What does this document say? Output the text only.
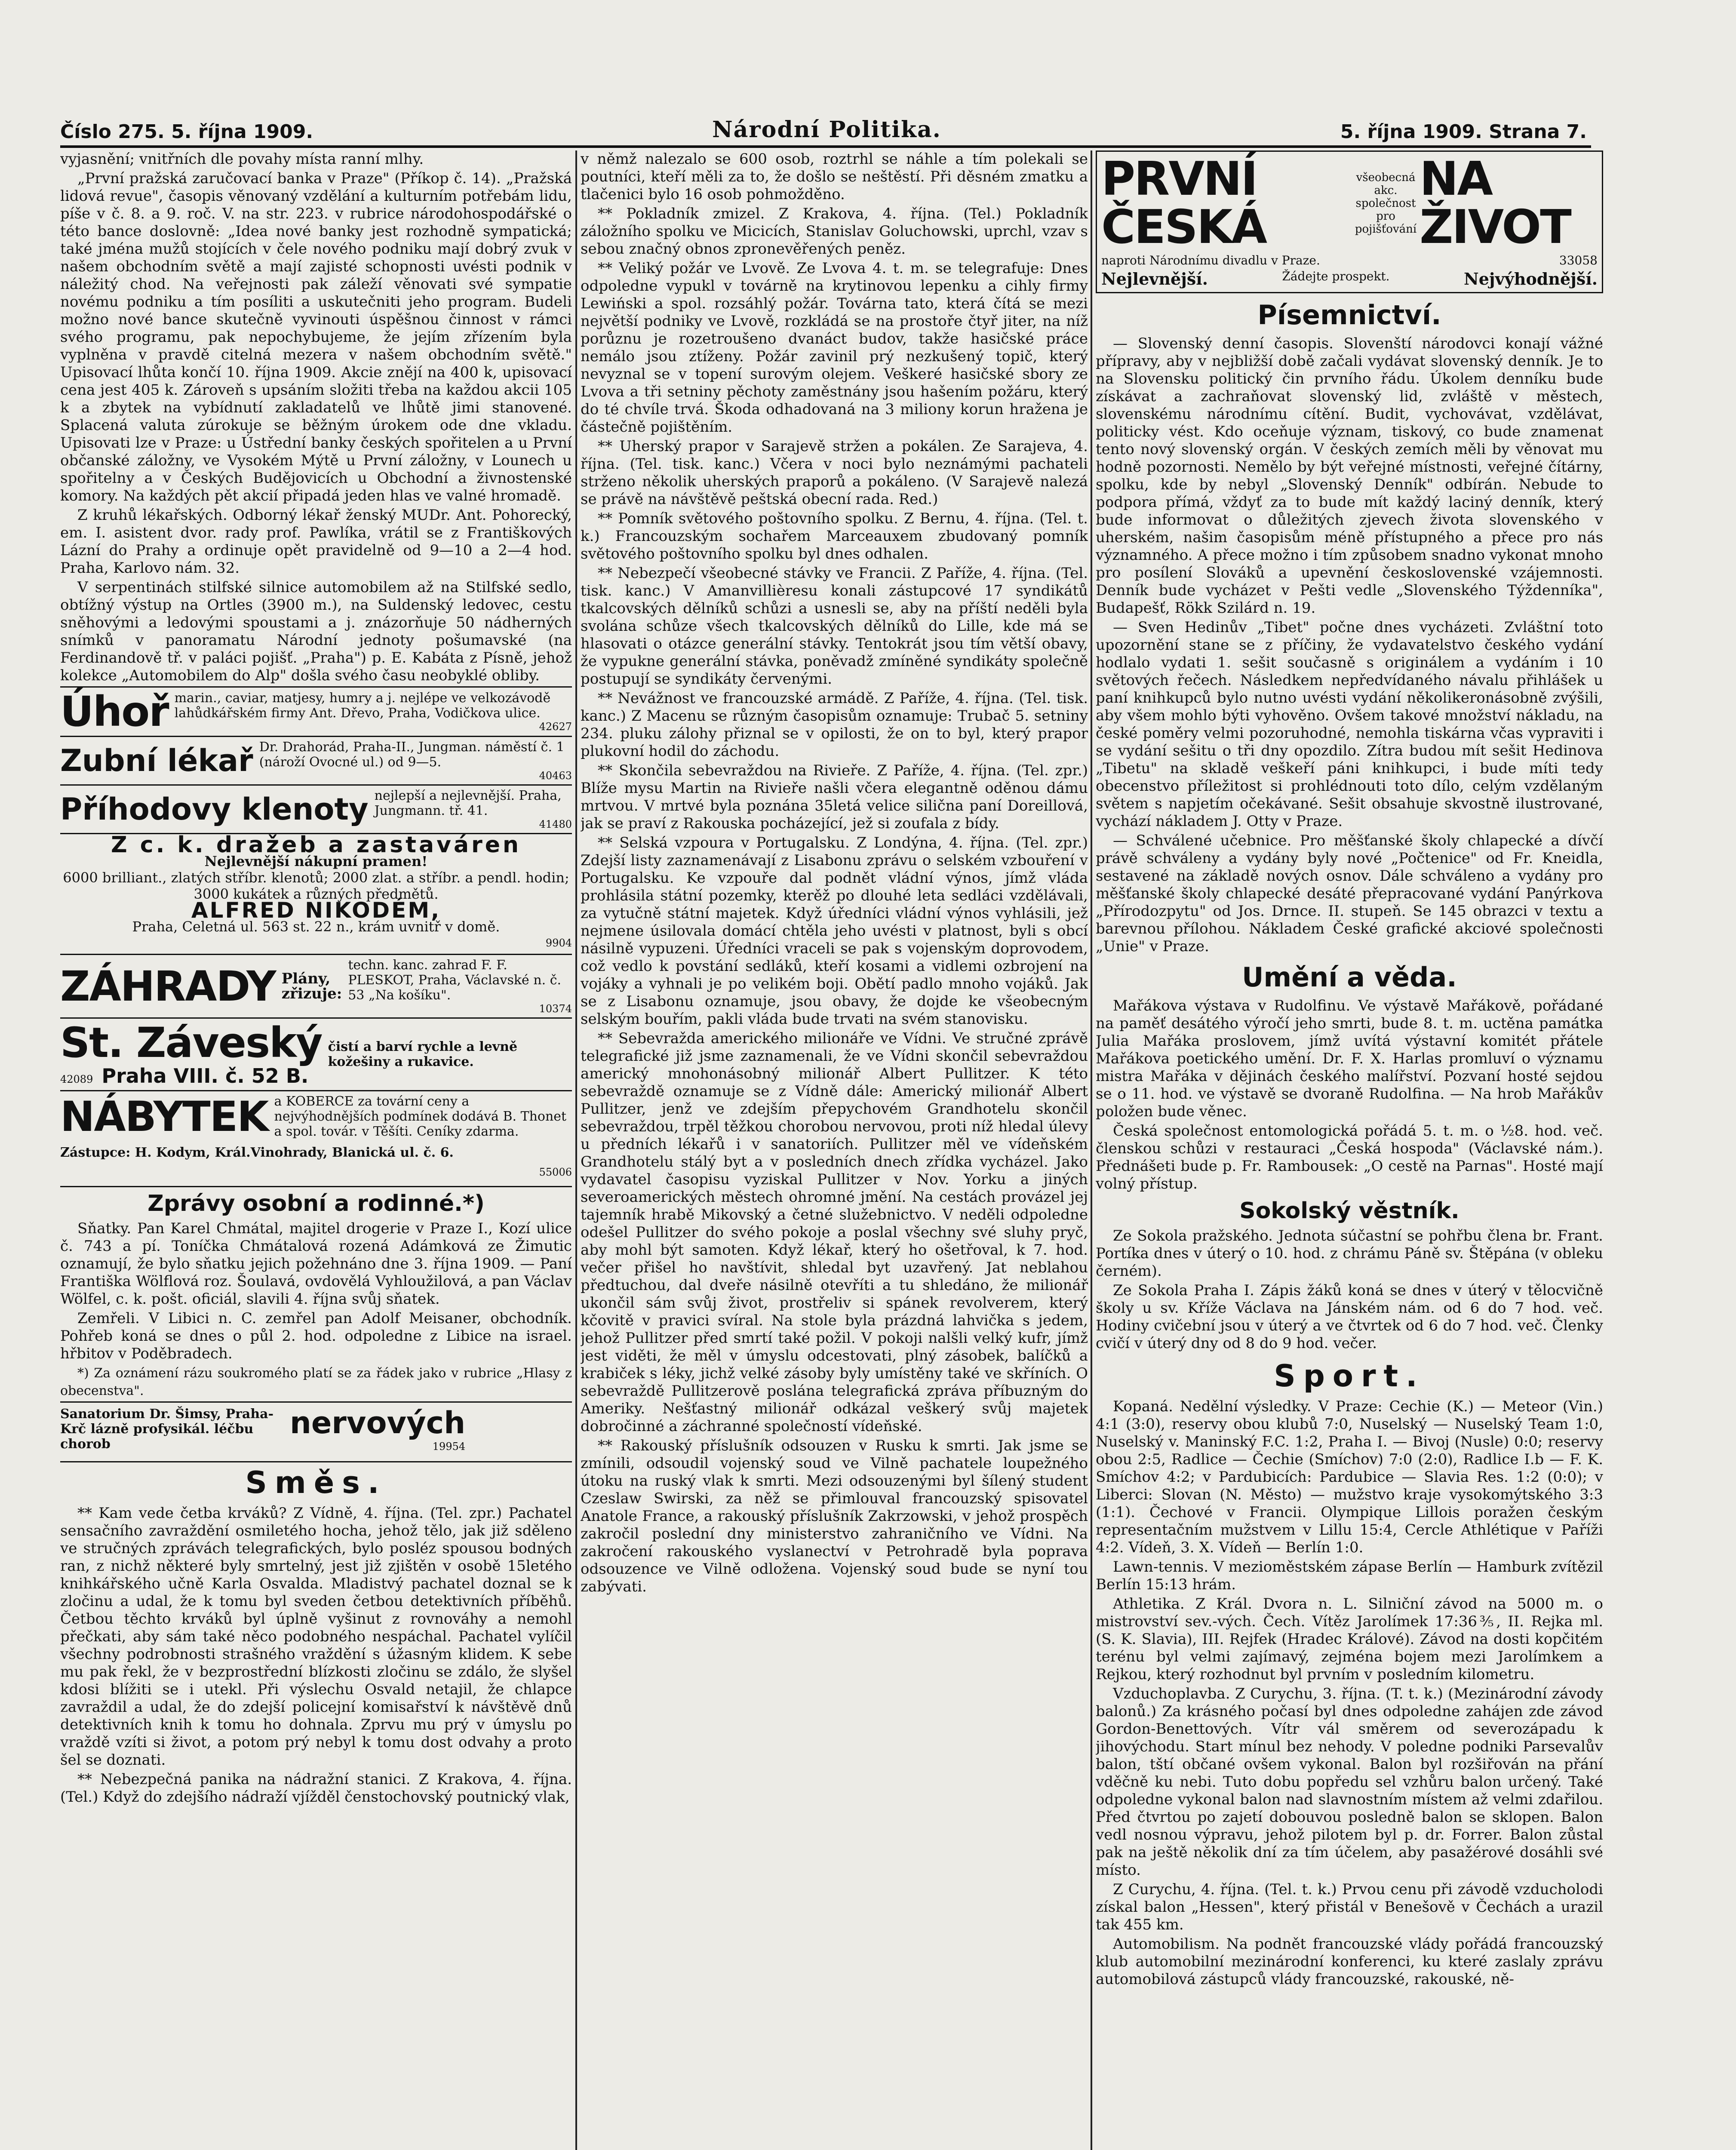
Číslo 275. 5. října 1909.	Národní Politika.	5. října 1909. Strana 7.

vyjasnění; vnitřních dle povahy místa ranní mlhy.

„První pražská zaručovací banka v Praze" (Příkop č. 14). „Pražská lidová revue", časopis věnovaný vzdělání a kulturním potřebám lidu, píše v č. 8. a 9. roč. V. na str. 223. v rubrice národohospodářské o této bance doslovně: „Idea nové banky jest rozhodně sympatická; také jména mužů stojících v čele nového podniku mají dobrý zvuk v našem obchodním světě a mají zajisté schopnosti uvésti podnik v náležitý chod. Na veřejnosti pak záleží věnovati své sympatie novému podniku a tím posíliti a uskutečniti jeho program. Budeli možno nové bance skutečně vyvinouti úspěšnou činnost v rámci svého programu, pak nepochybujeme, že jejím zřízením byla vyplněna v pravdě citelná mezera v našem obchodním světě." Upisovací lhůta končí 10. října 1909. Akcie znějí na 400 k, upisovací cena jest 405 k. Zároveň s upsáním složiti třeba na každou akcii 105 k a zbytek na vybídnutí zakladatelů ve lhůtě jimi stanovené. Splacená valuta zúrokuje se běžným úrokem ode dne vkladu. Upisovati lze v Praze: u Ústřední banky českých spořitelen a u První občanské záložny, ve Vysokém Mýtě u První záložny, v Lounech u spořitelny a v Českých Budějovicích u Obchodní a živnostenské komory. Na každých pět akcií připadá jeden hlas ve valné hromadě.

Z kruhů lékařských. Odborný lékař ženský MUDr. Ant. Pohorecký, em. I. asistent dvor. rady prof. Pawlíka, vrátil se z Františkových Lázní do Prahy a ordinuje opět pravidelně od 9—10 a 2—4 hod. Praha, Karlovo nám. 32.

V serpentinách stilfské silnice automobilem až na Stilfské sedlo, obtížný výstup na Ortles (3900 m.), na Suldenský ledovec, cestu sněhovými a ledovými spoustami a j. znázorňuje 50 nádherných snímků v panoramatu Národní jednoty pošumavské (na Ferdinandově tř. v paláci pojišť. „Praha") p. E. Kabáta z Písně, jehož kolekce „Automobilem do Alp" došla svého času neobyklé obliby.

Úhoř marin., caviar, matjesy, humry a j. nejlépe ve velkozávodě lahůdkářském firmy Ant. Dřevo, Praha, Vodičkova ulice.
42627
Zubní lékař Dr. Drahorád, Praha-II., Jungman. náměstí č. 1 (nároží Ovocné ul.) od 9—5.
40463
Příhodovy klenoty nejlepší a nejlevnější. Praha, Jungmann. tř. 41.
41480
Z c. k. dražeb a zastaváren
Nejlevnější nákupní pramen!
6000 brilliant., zlatých stříbr. klenotů; 2000 zlat. a stříbr. a pendl. hodin; 3000 kukátek a různých předmětů.
ALFRED NIKODÉM,
Praha, Celetná ul. 563 st. 22 n., krám uvnitř v domě.
9904
ZÁHRADY Plány, zřizuje:
techn. kanc. zahrad F. F. PLESKOT, Praha, Václavské n. č. 53 „Na košíku".
10374
St. Záveský
42089 Praha VIII. č. 52 B.
čistí a barví rychle a levně kožešiny a rukavice.
NÁBYTEK a KOBERCE za tovární ceny a nejvýhodnějších podmínek dodává B. Thonet a spol. továr. v Těšíti. Ceníky zdarma.
Zástupce: H. Kodym, Král.Vinohrady, Blanická ul. č. 6.
55006
Zprávy osobní a rodinné.*)

Sňatky. Pan Karel Chmátal, majitel drogerie v Praze I., Kozí ulice č. 743 a pí. Toníčka Chmátalová rozená Adámková ze Žimutic oznamují, že bylo sňatku jejich požehnáno dne 3. října 1909. — Paní Františka Wölflová roz. Šoulavá, ovdovělá Vyhloužilová, a pan Václav Wölfel, c. k. pošt. oficiál, slavili 4. října svůj sňatek.

Zemřeli. V Libici n. C. zemřel pan Adolf Meisaner, obchodník. Pohřeb koná se dnes o půl 2. hod. odpoledne z Libice na israel. hřbitov v Poděbradech.

*) Za oznámení rázu soukromého platí se za řádek jako v rubrice „Hlasy z obecenstva".

Sanatorium Dr. Šimsy, Praha-Krč lázně profysikál. léčbu chorob
nervových
19954
Směs.

** Kam vede četba krváků? Z Vídně, 4. října. (Tel. zpr.) Pachatel sensačního zavraždění osmiletého hocha, jehož tělo, jak již sděleno ve stručných zprávách telegrafických, bylo posléz spousou bodných ran, z nichž některé byly smrtelný, jest již zjištěn v osobě 15letého knihkářského učně Karla Osvalda. Mladistvý pachatel doznal se k zločinu a udal, že k tomu byl sveden četbou detektivních příběhů. Četbou těchto krváků byl úplně vyšinut z rovnováhy a nemohl přečkati, aby sám také něco podobného nespáchal. Pachatel vylíčil všechny podrobnosti strašného vraždění s úžasným klidem. K sebe mu pak řekl, že v bezprostřední blízkosti zločinu se zdálo, že slyšel kdosi blížiti se i utekl. Při výslechu Osvald netajil, že chlapce zavraždil a udal, že do zdejší policejní komisařství k návštěvě dnů detektivních knih k tomu ho dohnala. Zprvu mu prý v úmyslu po vraždě vzíti si život, a potom prý nebyl k tomu dost odvahy a proto šel se doznati.

** Nebezpečná panika na nádražní stanici. Z Krakova, 4. října. (Tel.) Když do zdejšího nádraží vjížděl čenstochovský poutnický vlak,

v němž nalezalo se 600 osob, roztrhl se náhle a tím polekali se poutníci, kteří měli za to, že došlo se neštěstí. Při děsném zmatku a tlačenici bylo 16 osob pohmožděno.

** Pokladník zmizel. Z Krakova, 4. října. (Tel.) Pokladník záložního spolku ve Micicích, Stanislav Goluchowski, uprchl, vzav s sebou značný obnos zpronevěřených peněz.

** Veliký požár ve Lvově. Ze Lvova 4. t. m. se telegrafuje: Dnes odpoledne vypukl v továrně na krytinovou lepenku a cihly firmy Lewiński a spol. rozsáhlý požár. Továrna tato, která čítá se mezi největší podniky ve Lvově, rozkládá se na prostoře čtyř jiter, na níž porůznu je rozetroušeno dvanáct budov, takže hasičské práce nemálo jsou ztíženy. Požár zavinil prý nezkušený topič, který nevyznal se v topení surovým olejem. Veškeré hasičské sbory ze Lvova a tři setniny pěchoty zaměstnány jsou hašením požáru, který do té chvíle trvá. Škoda odhadovaná na 3 miliony korun hražena je částečně pojištěním.

** Uherský prapor v Sarajevě stržen a pokálen. Ze Sarajeva, 4. října. (Tel. tisk. kanc.) Včera v noci bylo neznámými pachateli strženo několik uherských praporů a pokáleno. (V Sarajevě nalezá se právě na návštěvě peštská obecní rada. Red.)

** Pomník světového poštovního spolku. Z Bernu, 4. října. (Tel. t. k.) Francouzským sochařem Marceauxem zbudovaný pomník světového poštovního spolku byl dnes odhalen.

** Nebezpečí všeobecné stávky ve Francii. Z Paříže, 4. října. (Tel. tisk. kanc.) V Amanvillièresu konali zástupcové 17 syndikátů tkalcovských dělníků schůzi a usnesli se, aby na příští neděli byla svolána schůze všech tkalcovských dělníků do Lille, kde má se hlasovati o otázce generální stávky. Tentokrát jsou tím větší obavy, že vypukne generální stávka, poněvadž zmíněné syndikáty společně postupují se syndikáty červenými.

** Nevážnost ve francouzské armádě. Z Paříže, 4. října. (Tel. tisk. kanc.) Z Macenu se různým časopisům oznamuje: Trubač 5. setniny 234. pluku zálohy přiznal se v opilosti, že on to byl, který prapor plukovní hodil do záchodu.

** Skončila sebevraždou na Rivieře. Z Paříže, 4. října. (Tel. zpr.) Blíže mysu Martin na Rivieře našli včera elegantně oděnou dámu mrtvou. V mrtvé byla poznána 35letá velice silična paní Doreillová, jak se praví z Rakouska pocházející, jež si zoufala z bídy.

** Selská vzpoura v Portugalsku. Z Londýna, 4. října. (Tel. zpr.) Zdejší listy zaznamenávají z Lisabonu zprávu o selském vzbouření v Portugalsku. Ke vzpouře dal podnět vládní výnos, jímž vláda prohlásila státní pozemky, kterěž po dlouhé leta sedláci vzdělávali, za vytučně státní majetek. Když úředníci vládní výnos vyhlásili, jež nejmene úsilovala domácí chtěla jeho uvésti v platnost, byli s obcí násilně vypuzeni. Úředníci vraceli se pak s vojenským doprovodem, což vedlo k povstání sedláků, kteří kosami a vidlemi ozbrojení na vojáky a vyhnali je po velikém boji. Obětí padlo mnoho vojáků. Jak se z Lisabonu oznamuje, jsou obavy, že dojde ke všeobecným selským bouřím, pakli vláda bude trvati na svém stanovisku.

** Sebevražda amerického milionáře ve Vídni. Ve stručné zprávě telegrafické již jsme zaznamenali, že ve Vídni skončil sebevraždou americký mnohonásobný milionář Albert Pullitzer. K této sebevraždě oznamuje se z Vídně dále: Americký milionář Albert Pullitzer, jenž ve zdejším přepychovém Grandhotelu skončil sebevraždou, trpěl těžkou chorobou nervovou, proti níž hledal úlevy u předních lékařů i v sanatoriích. Pullitzer měl ve vídeňském Grandhotelu stálý byt a v posledních dnech zřídka vycházel. Jako vydavatel časopisu vyziskal Pullitzer v Nov. Yorku a jiných severoamerických městech ohromné jmění. Na cestách provázel jej tajemník hrabě Mikovský a četné služebnictvo. V neděli odpoledne odešel Pullitzer do svého pokoje a poslal všechny své sluhy pryč, aby mohl být samoten. Když lékař, který ho ošetřoval, k 7. hod. večer přišel ho navštívit, shledal byt uzavřený. Jat neblahou předtuchou, dal dveře násilně otevříti a tu shledáno, že milionář ukončil sám svůj život, prostřeliv si spánek revolverem, který kčovitě v pravici svíral. Na stole byla prázdná lahvička s jedem, jehož Pullitzer před smrtí také požil. V pokoji nalšli velký kufr, jímž jest viděti, že měl v úmyslu odcestovati, plný zásobek, balíčků a krabiček s léky, jichž velké zásoby byly umístěny také ve skříních. O sebevraždě Pullitzerově poslána telegrafická zpráva příbuzným do Ameriky. Nešťastný milionář odkázal veškerý svůj majetek dobročinné a záchranné společností vídeňské.

** Rakouský příslušník odsouzen v Rusku k smrti. Jak jsme se zmínili, odsoudil vojenský soud ve Vilně pachatele loupežného útoku na ruský vlak k smrti. Mezi odsouzenými byl šílený student Czeslaw Swirski, za něž se přimlouval francouzský spisovatel Anatole France, a rakouský příslušník Zakrzowski, v jehož prospěch zakročil poslední dny ministerstvo zahraničního ve Vídni. Na zakročení rakouského vyslanectví v Petrohradě byla poprava odsouzence ve Vilně odložena. Vojenský soud bude se nyní tou zabývati.

PRVNÍ ČESKÁ
všeobecná akc. společnost pro pojišťování
NA ŽIVOT
naproti Národnímu divadlu v Praze.	33058
Nejlevnější.	Žádejte prospekt.	Nejvýhodnější.
Písemnictví.

— Slovenský denní časopis. Slovenští národovci konají vážné přípravy, aby v nejbližší době začali vydávat slovenský denník. Je to na Slovensku politický čin prvního řádu. Úkolem denníku bude získávat a zachraňovat slovenský lid, zvláště v městech, slovenskému národnímu cítění. Budit, vychovávat, vzdělávat, politicky vést. Kdo oceňuje význam, tiskový, co bude znamenat tento nový slovenský orgán. V českých zemích měli by věnovat mu hodně pozornosti. Nemělo by být veřejné místnosti, veřejné čítárny, spolku, kde by nebyl „Slovenský Denník" odbírán. Nebude to podpora přímá, vždyť za to bude mít každý laciný denník, který bude informovat o důležitých zjevech života slovenského v uherském, našim časopisům méně přístupného a přece pro nás významného. A přece možno i tím způsobem snadno vykonat mnoho pro posílení Slováků a upevnění československé vzájemnosti. Denník bude vycházet v Pešti vedle „Slovenského Týždenníka", Budapešť, Rökk Szilárd n. 19.

— Sven Hedinův „Tibet" počne dnes vycházeti. Zvláštní toto upozornění stane se z příčiny, že vydavatelstvo českého vydání hodlalo vydati 1. sešit současně s originálem a vydáním i 10 světových řečech. Následkem nepředvídaného návalu přihlášek u paní knihkupců bylo nutno uvésti vydání několikeronásobně zvýšili, aby všem mohlo býti vyhověno. Ovšem takové množství nákladu, na české poměry velmi pozoruhodné, nemohla tiskárna včas vypraviti i se vydání sešitu o tři dny opozdilo. Zítra budou mít sešit Hedinova „Tibetu" na skladě veškeří páni knihkupci, i bude míti tedy obecenstvo příležitost si prohlédnouti toto dílo, celým vzdělaným světem s napjetím očekávané. Sešit obsahuje skvostně ilustrované, vychází nákladem J. Otty v Praze.

— Schválené učebnice. Pro měšťanské školy chlapecké a dívčí právě schváleny a vydány byly nové „Počtenice" od Fr. Kneidla, sestavené na základě nových osnov. Dále schváleno a vydány pro měšťanské školy chlapecké desáté přepracované vydání Panýrkova „Přírodozpytu" od Jos. Drnce. II. stupeň. Se 145 obrazci v textu a barevnou přílohou. Nákladem České grafické akciové společnosti „Unie" v Praze.

Umění a věda.

Mařákova výstava v Rudolfinu. Ve výstavě Mařákově, pořádané na paměť desátého výročí jeho smrti, bude 8. t. m. uctěna památka Julia Mařáka proslovem, jímž uvítá výstavní komitét přátele Mařákova poetického umění. Dr. F. X. Harlas promluví o významu mistra Mařáka v dějinách českého malířství. Pozvaní hosté sejdou se o 11. hod. ve výstavě se dvoraně Rudolfina. — Na hrob Mařákův položen bude věnec.

Česká společnost entomologická pořádá 5. t. m. o ½8. hod. več. členskou schůzi v restauraci „Česká hospoda" (Václavské nám.). Přednášeti bude p. Fr. Rambousek: „O cestě na Parnas". Hosté mají volný přístup.

Sokolský věstník.

Ze Sokola pražského. Jednota súčastní se pohřbu člena br. Frant. Portíka dnes v úterý o 10. hod. z chrámu Páně sv. Štěpána (v obleku černém).

Ze Sokola Praha I. Zápis žáků koná se dnes v úterý v tělocvičně školy u sv. Kříže Václava na Jánském nám. od 6 do 7 hod. več. Hodiny cvičební jsou v úterý a ve čtvrtek od 6 do 7 hod. več. Členky cvičí v úterý dny od 8 do 9 hod. večer.

Sport.

Kopaná. Nedělní výsledky. V Praze: Cechie (K.) — Meteor (Vin.) 4:1 (3:0), reservy obou klubů 7:0, Nuselský — Nuselský Team 1:0, Nuselský v. Maninský F.C. 1:2, Praha I. — Bivoj (Nusle) 0:0; reservy obou 2:5, Radlice — Čechie (Smíchov) 7:0 (2:0), Radlice I.b — F. K. Smíchov 4:2; v Pardubicích: Pardubice — Slavia Res. 1:2 (0:0); v Liberci: Slovan (N. Město) — mužstvo kraje vysokomýtského 3:3 (1:1). Čechové v Francii. Olympique Lillois poražen českým representačním mužstvem v Lillu 15:4, Cercle Athlétique v Paříži 4:2. Vídeň, 3. X. Vídeň — Berlín 1:0.

Lawn-tennis. V mezioměstském zápase Berlín — Hamburk zvítězil Berlín 15:13 hrám.

Athletika. Z Král. Dvora n. L. Silniční závod na 5000 m. o mistrovství sev.-vých. Čech. Vítěz Jarolímek 17:36⅗, II. Rejka ml. (S. K. Slavia), III. Rejfek (Hradec Králové). Závod na dosti kopčitém terénu byl velmi zajímavý, zejména bojem mezi Jarolímkem a Rejkou, který rozhodnut byl prvním v posledním kilometru.

Vzduchoplavba. Z Curychu, 3. října. (T. t. k.) (Mezinárodní závody balonů.) Za krásného počasí byl dnes odpoledne zahájen zde závod Gordon-Benettových. Vítr vál směrem od severozápadu k jihovýchodu. Start mínul bez nehody. V poledne podniki Parsevalův balon, tští občané ovšem vykonal. Balon byl rozšiřován na přání vděčně ku nebi. Tuto dobu popředu sel vzhůru balon určený. Také odpoledne vykonal balon nad slavnostním místem až velmi zdařilou. Před čtvrtou po zajetí dobouvou posledně balon se sklopen. Balon vedl nosnou výpravu, jehož pilotem byl p. dr. Forrer. Balon zůstal pak na ještě několik dní za tím účelem, aby pasažérové dosáhli své místo.

Z Curychu, 4. října. (Tel. t. k.) Prvou cenu při závodě vzducholodi získal balon „Hessen", který přistál v Benešově v Čechách a urazil tak 455 km.

Automobilism. Na podnět francouzské vlády pořádá francouzský klub automobilní mezinárodní konferenci, ku které zaslaly zprávu automobilová zástupců vlády francouzské, rakouské, ně-
